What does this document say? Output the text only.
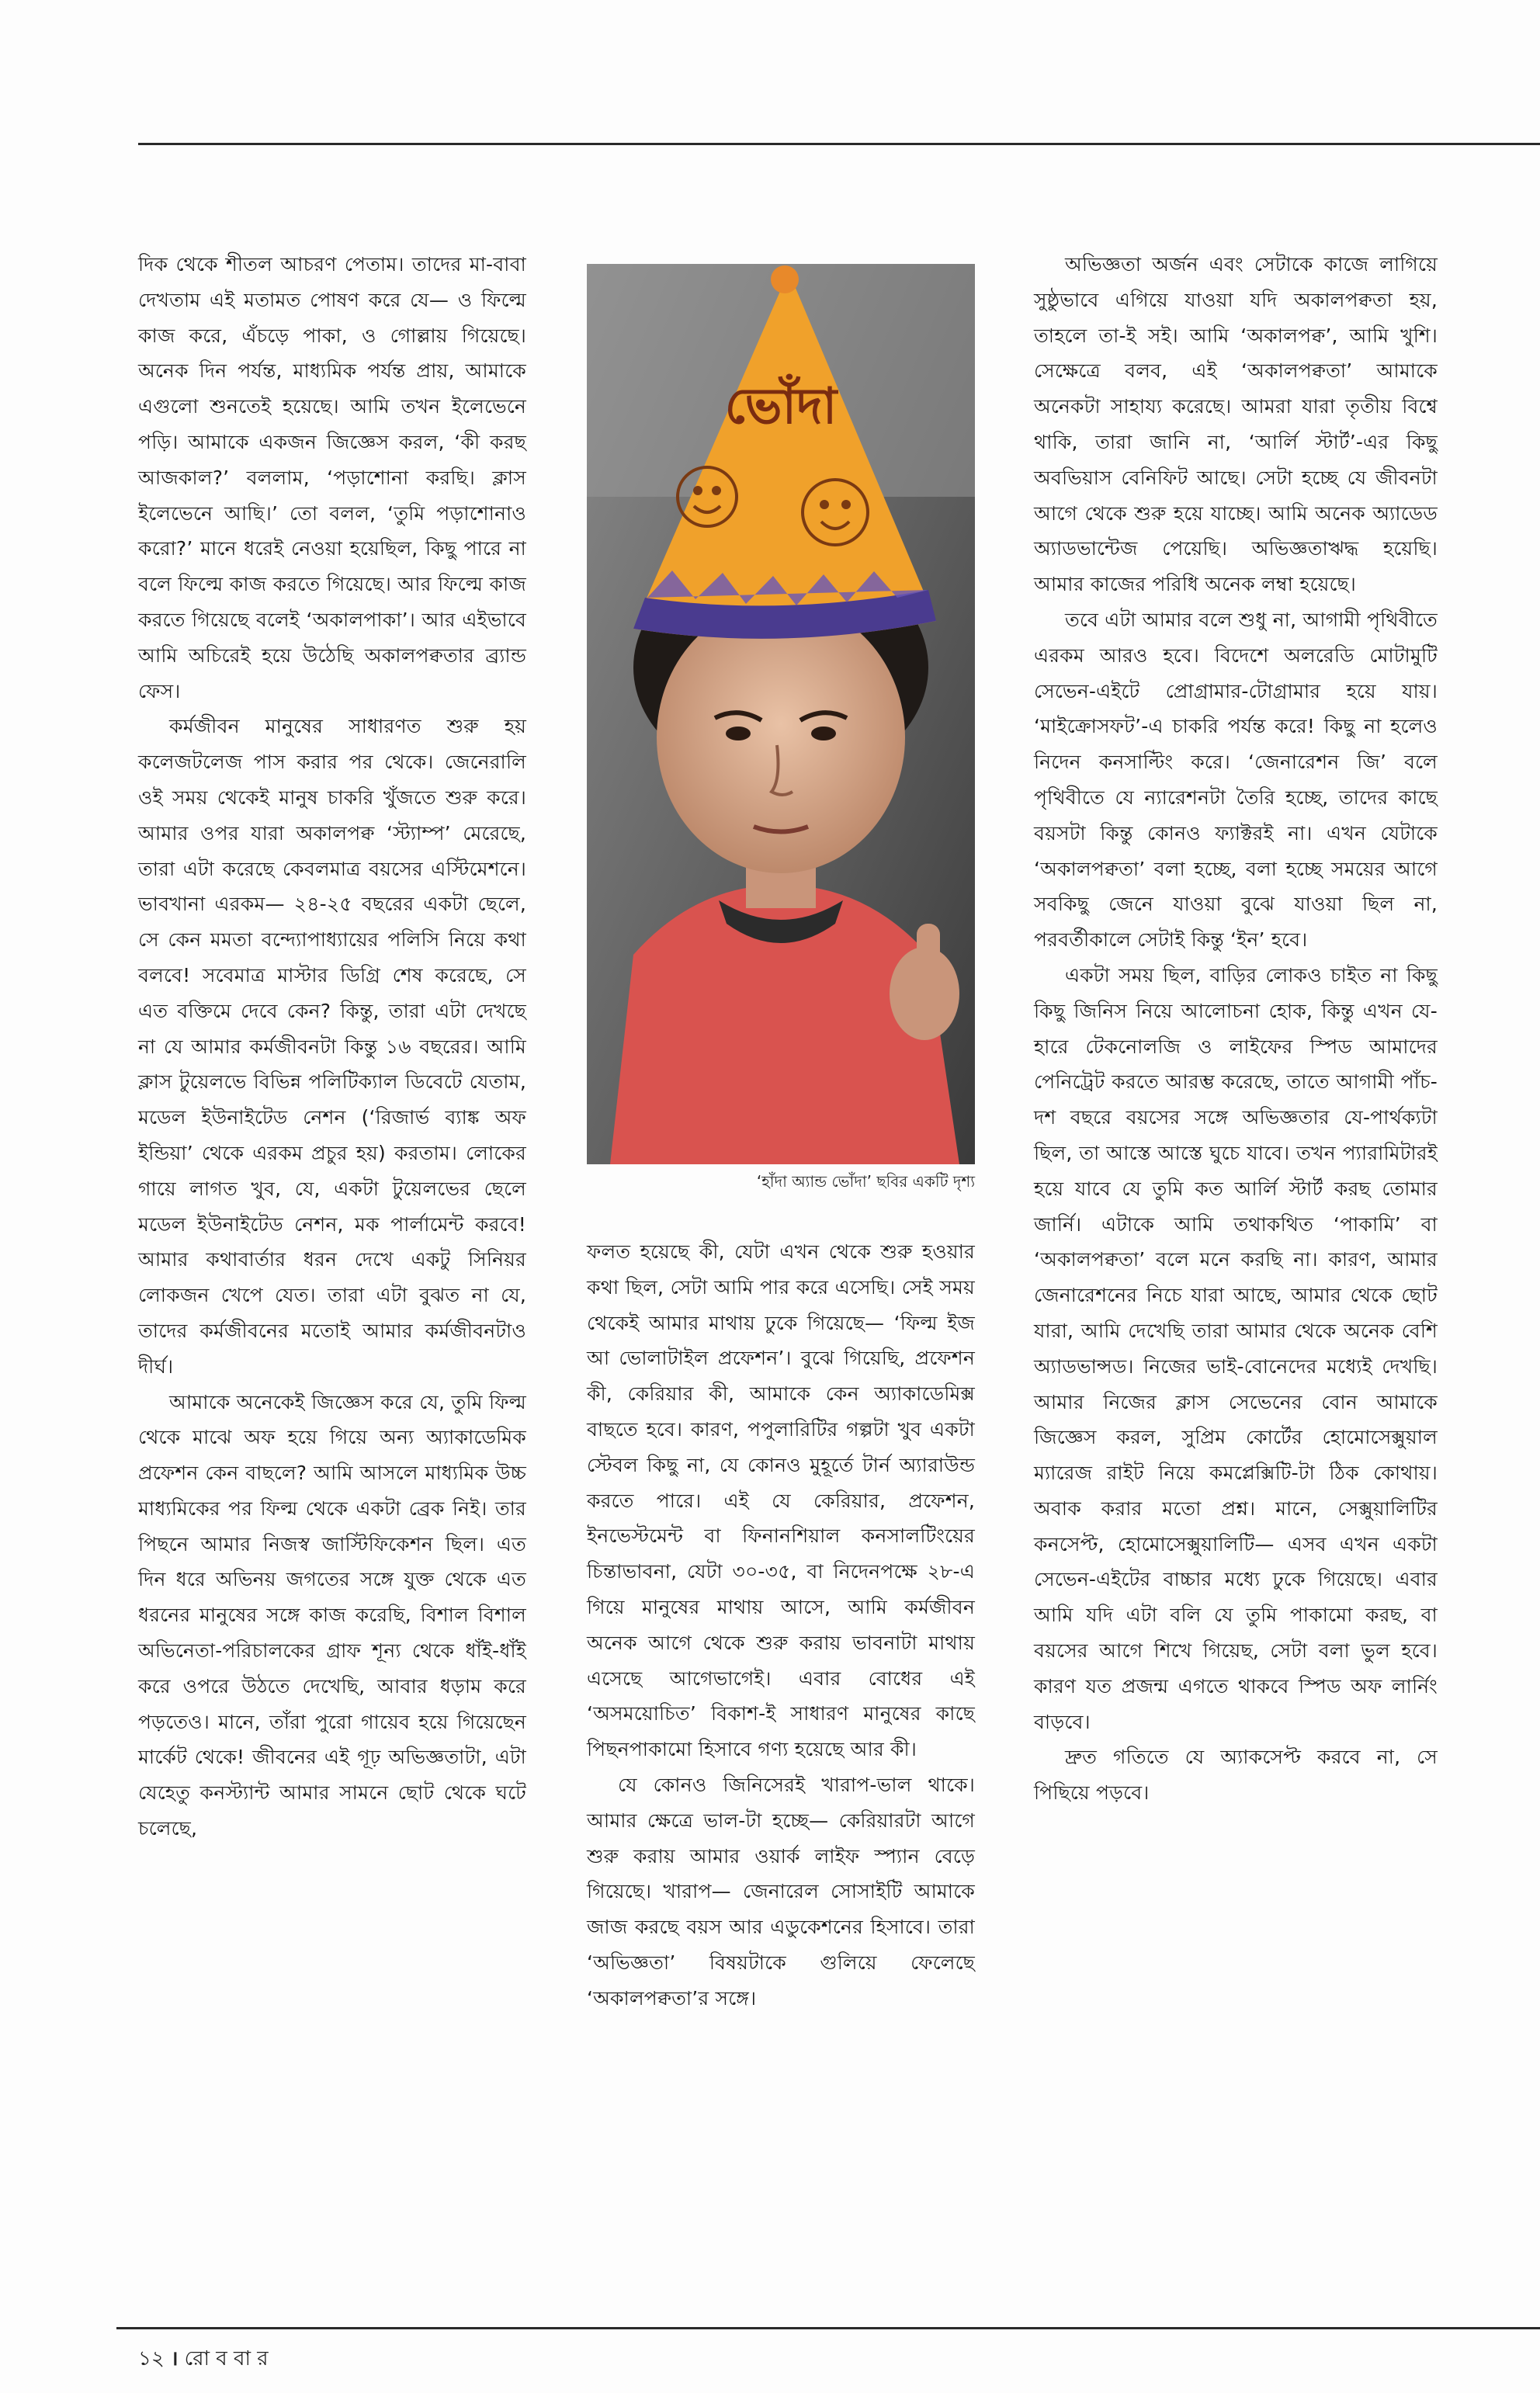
দিক থেকে শীতল আচরণ পেতাম। তাদের মা-বাবা দেখতাম এই মতামত পোষণ করে যে— ও ফিল্মে কাজ করে, এঁচড়ে পাকা, ও গোল্লায় গিয়েছে। অনেক দিন পর্যন্ত, মাধ্যমিক পর্যন্ত প্রায়, আমাকে এগুলো শুনতেই হয়েছে। আমি তখন ইলেভেনে পড়ি। আমাকে একজন জিজ্ঞেস করল, ‘কী করছ আজকাল?’ বললাম, ‘পড়াশোনা করছি। ক্লাস ইলেভেনে আছি।’ তো বলল, ‘তুমি পড়াশোনাও করো?’ মানে ধরেই নেওয়া হয়েছিল, কিছু পারে না বলে ফিল্মে কাজ করতে গিয়েছে। আর ফিল্মে কাজ করতে গিয়েছে বলেই ‘অকালপাকা’। আর এইভাবে আমি অচিরেই হয়ে উঠেছি অকালপক্বতার ব্র্যান্ড ফেস।

কর্মজীবন মানুষের সাধারণত শুরু হয় কলেজটলেজ পাস করার পর থেকে। জেনেরালি ওই সময় থেকেই মানুষ চাকরি খুঁজতে শুরু করে। আমার ওপর যারা অকালপক্ব ‘স্ট্যাম্প’ মেরেছে, তারা এটা করেছে কেবলমাত্র বয়সের এস্টিমেশনে। ভাবখানা এরকম— ২৪-২৫ বছরের একটা ছেলে, সে কেন মমতা বন্দ্যোপাধ্যায়ের পলিসি নিয়ে কথা বলবে! সবেমাত্র মাস্টার ডিগ্রি শেষ করেছে, সে এত বক্তিমে দেবে কেন? কিন্তু, তারা এটা দেখছে না যে আমার কর্মজীবনটা কিন্তু ১৬ বছরের। আমি ক্লাস টুয়েলভে বিভিন্ন পলিটিক্যাল ডিবেটে যেতাম, মডেল ইউনাইটেড নেশন (‘রিজার্ভ ব্যাঙ্ক অফ ইন্ডিয়া’ থেকে এরকম প্রচুর হয়) করতাম। লোকের গায়ে লাগত খুব, যে, একটা টুয়েলভের ছেলে মডেল ইউনাইটেড নেশন, মক পার্লামেন্ট করবে! আমার কথাবার্তার ধরন দেখে একটু সিনিয়র লোকজন খেপে যেত। তারা এটা বুঝত না যে, তাদের কর্মজীবনের মতোই আমার কর্মজীবনটাও দীর্ঘ।

আমাকে অনেকেই জিজ্ঞেস করে যে, তুমি ফিল্ম থেকে মাঝে অফ হয়ে গিয়ে অন্য অ্যাকাডেমিক প্রফেশন কেন বাছলে? আমি আসলে মাধ্যমিক উচ্চ মাধ্যমিকের পর ফিল্ম থেকে একটা ব্রেক নিই। তার পিছনে আমার নিজস্ব জাস্টিফিকেশন ছিল। এত দিন ধরে অভিনয় জগতের সঙ্গে যুক্ত থেকে এত ধরনের মানুষের সঙ্গে কাজ করেছি, বিশাল বিশাল অভিনেতা-পরিচালকের গ্রাফ শূন্য থেকে ধাঁই-ধাঁই করে ওপরে উঠতে দেখেছি, আবার ধড়াম করে পড়তেও। মানে, তাঁরা পুরো গায়েব হয়ে গিয়েছেন মার্কেট থেকে! জীবনের এই গূঢ় অভিজ্ঞতাটা, এটা যেহেতু কনস্ট্যান্ট আমার সামনে ছোট থেকে ঘটে চলেছে,

ভোঁদা
‘হাঁদা অ্যান্ড ভোঁদা’ ছবির একটি দৃশ্য

ফলত হয়েছে কী, যেটা এখন থেকে শুরু হওয়ার কথা ছিল, সেটা আমি পার করে এসেছি। সেই সময় থেকেই আমার মাথায় ঢুকে গিয়েছে— ‘ফিল্ম ইজ আ ভোলাটাইল প্রফেশন’। বুঝে গিয়েছি, প্রফেশন কী, কেরিয়ার কী, আমাকে কেন অ্যাকাডেমিক্স বাছতে হবে। কারণ, পপুলারিটির গল্পটা খুব একটা স্টেবল কিছু না, যে কোনও মুহূর্তে টার্ন অ্যারাউন্ড করতে পারে। এই যে কেরিয়ার, প্রফেশন, ইনভেস্টমেন্ট বা ফিনানশিয়াল কনসালটিংয়ের চিন্তাভাবনা, যেটা ৩০-৩৫, বা নিদেনপক্ষে ২৮-এ গিয়ে মানুষের মাথায় আসে, আমি কর্মজীবন অনেক আগে থেকে শুরু করায় ভাবনাটা মাথায় এসেছে আগেভাগেই। এবার বোধের এই ‘অসময়োচিত’ বিকাশ-ই সাধারণ মানুষের কাছে পিছনপাকামো হিসাবে গণ্য হয়েছে আর কী।

যে কোনও জিনিসেরই খারাপ-ভাল থাকে। আমার ক্ষেত্রে ভাল-টা হচ্ছে— কেরিয়ারটা আগে শুরু করায় আমার ওয়ার্ক লাইফ স্প্যান বেড়ে গিয়েছে। খারাপ— জেনারেল সোসাইটি আমাকে জাজ করছে বয়স আর এডুকেশনের হিসাবে। তারা ‘অভিজ্ঞতা’ বিষয়টাকে গুলিয়ে ফেলেছে ‘অকালপক্বতা’র সঙ্গে।

অভিজ্ঞতা অর্জন এবং সেটাকে কাজে লাগিয়ে সুষ্ঠুভাবে এগিয়ে যাওয়া যদি অকালপক্বতা হয়, তাহলে তা-ই সই। আমি ‘অকালপক্ব’, আমি খুশি। সেক্ষেত্রে বলব, এই ‘অকালপক্বতা’ আমাকে অনেকটা সাহায্য করেছে। আমরা যারা তৃতীয় বিশ্বে থাকি, তারা জানি না, ‘আর্লি স্টার্ট’-এর কিছু অবভিয়াস বেনিফিট আছে। সেটা হচ্ছে যে জীবনটা আগে থেকে শুরু হয়ে যাচ্ছে। আমি অনেক অ্যাডেড অ্যাডভান্টেজ পেয়েছি। অভিজ্ঞতাঋদ্ধ হয়েছি। আমার কাজের পরিধি অনেক লম্বা হয়েছে।

তবে এটা আমার বলে শুধু না, আগামী পৃথিবীতে এরকম আরও হবে। বিদেশে অলরেডি মোটামুটি সেভেন-এইটে প্রোগ্রামার-টোগ্রামার হয়ে যায়। ‘মাইক্রোসফট’-এ চাকরি পর্যন্ত করে! কিছু না হলেও নিদেন কনসাল্টিং করে। ‘জেনারেশন জি’ বলে পৃথিবীতে যে ন্যারেশনটা তৈরি হচ্ছে, তাদের কাছে বয়সটা কিন্তু কোনও ফ্যাক্টরই না। এখন যেটাকে ‘অকালপক্বতা’ বলা হচ্ছে, বলা হচ্ছে সময়ের আগে সবকিছু জেনে যাওয়া বুঝে যাওয়া ছিল না, পরবর্তীকালে সেটাই কিন্তু ‘ইন’ হবে।

একটা সময় ছিল, বাড়ির লোকও চাইত না কিছু কিছু জিনিস নিয়ে আলোচনা হোক, কিন্তু এখন যে-হারে টেকনোলজি ও লাইফের স্পিড আমাদের পেনিট্রেট করতে আরম্ভ করেছে, তাতে আগামী পাঁচ-দশ বছরে বয়সের সঙ্গে অভিজ্ঞতার যে-পার্থক্যটা ছিল, তা আস্তে আস্তে ঘুচে যাবে। তখন প্যারামিটারই হয়ে যাবে যে তুমি কত আর্লি স্টার্ট করছ তোমার জার্নি। এটাকে আমি তথাকথিত ‘পাকামি’ বা ‘অকালপক্বতা’ বলে মনে করছি না। কারণ, আমার জেনারেশনের নিচে যারা আছে, আমার থেকে ছোট যারা, আমি দেখেছি তারা আমার থেকে অনেক বেশি অ্যাডভান্সড। নিজের ভাই-বোনেদের মধ্যেই দেখছি। আমার নিজের ক্লাস সেভেনের বোন আমাকে জিজ্ঞেস করল, সুপ্রিম কোর্টের হোমোসেক্সুয়াল ম্যারেজ রাইট নিয়ে কমপ্লেক্সিটি-টা ঠিক কোথায়। অবাক করার মতো প্রশ্ন। মানে, সেক্সুয়ালিটির কনসেপ্ট, হোমোসেক্সুয়ালিটি— এসব এখন একটা সেভেন-এইটের বাচ্চার মধ্যে ঢুকে গিয়েছে। এবার আমি যদি এটা বলি যে তুমি পাকামো করছ, বা বয়সের আগে শিখে গিয়েছ, সেটা বলা ভুল হবে। কারণ যত প্রজন্ম এগতে থাকবে স্পিড অফ লার্নিং বাড়বে।

দ্রুত গতিতে যে অ্যাকসেপ্ট করবে না, সে পিছিয়ে পড়বে।

১২ । রো ব বা র
